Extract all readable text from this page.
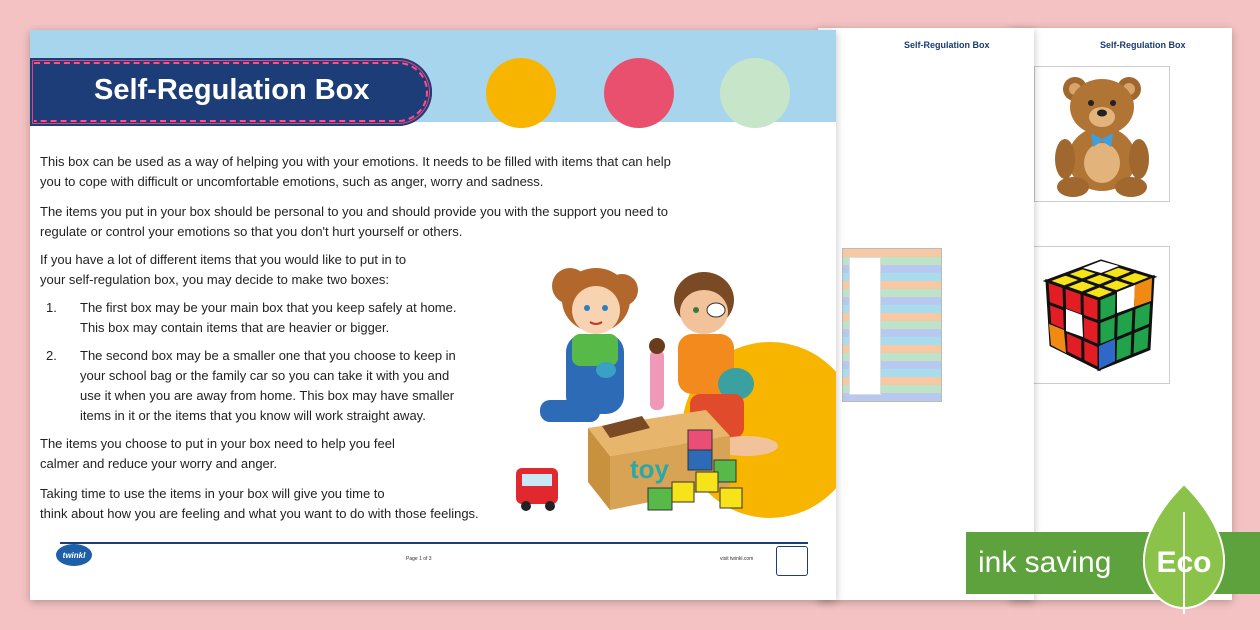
Self-Regulation Box
Self-Regulation Box
Self-Regulation Box

This box can be used as a way of helping you with your emotions. It needs to be filled with items that can help
you to cope with difficult or uncomfortable emotions, such as anger, worry and sadness.

The items you put in your box should be personal to you and should provide you with the support you need to
regulate or control your emotions so that you don't hurt yourself or others.

If you have a lot of different items that you would like to put in to
your self-regulation box, you may decide to make two boxes:

1. The first box may be your main box that you keep safely at home.
This box may contain items that are heavier or bigger.
2. The second box may be a smaller one that you choose to keep in
your school bag or the family car so you can take it with you and
use it when you are away from home. This box may have smaller
items in it or the items that you know will work straight away.

The items you choose to put in your box need to help you feel
calmer and reduce your worry and anger.

Taking time to use the items in your box will give you time to
think about how you are feeling and what you want to do with those feelings.

toy
twinkl	Page 1 of 3	visit twinkl.com	ink saving Eco
